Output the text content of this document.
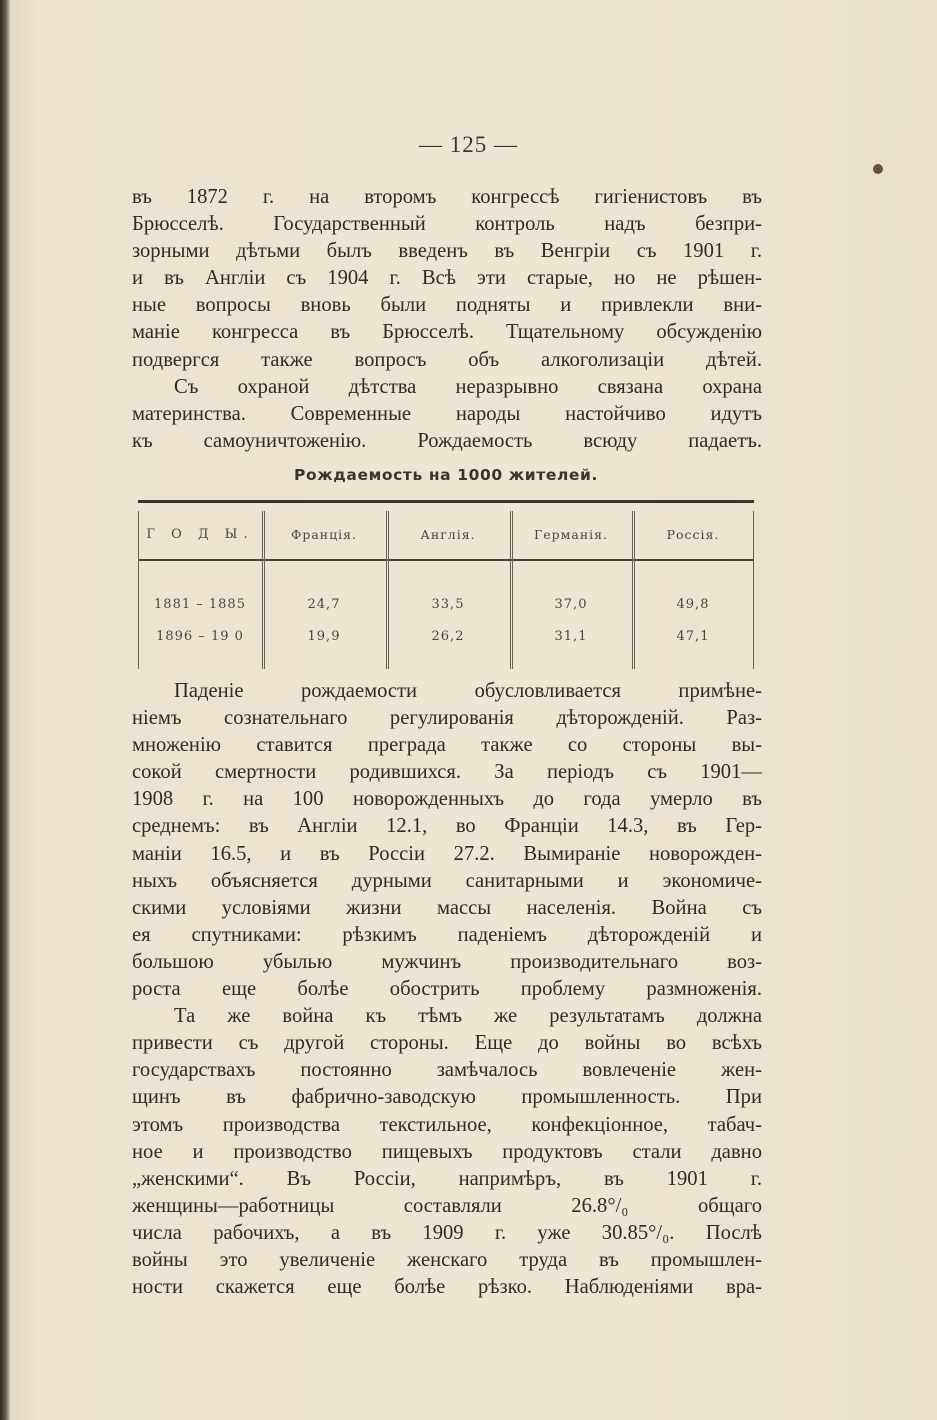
— 125 —
въ 1872 г. на второмъ конгрессѣ гигіенистовъ въ
Брюсселѣ. Государственный контроль надъ безпри-
зорными дѣтьми былъ введенъ въ Венгріи съ 1901 г.
и въ Англіи съ 1904 г. Всѣ эти старые, но не рѣшен-
ные вопросы вновь были подняты и привлекли вни-
маніе конгресса въ Брюсселѣ. Тщательному обсужденію
подвергся также вопросъ объ алкоголизаціи дѣтей.
Съ охраной дѣтства неразрывно связана охрана
материнства. Современные народы настойчиво идутъ
къ самоуничтоженію. Рождаемость всюду падаетъ.
Рождаемость на 1000 жителей.
Г О Д Ы.	Франція.	Англія.	Германія.	Россія.
1881 – 1885	24,7	33,5	37,0	49,8
1896 – 19 0	19,9	26,2	31,1	47,1
Паденіе рождаемости обусловливается примѣне-
ніемъ сознательнаго регулированія дѣторожденій. Раз-
множенію ставится преграда также со стороны вы-
сокой смертности родившихся. За періодъ съ 1901—
1908 г. на 100 новорожденныхъ до года умерло въ
среднемъ: въ Англіи 12.1, во Франціи 14.3, въ Гер-
маніи 16.5, и въ Россіи 27.2. Вымираніе новорожден-
ныхъ объясняется дурными санитарными и экономиче-
скими условіями жизни массы населенія. Война съ
ея спутниками: рѣзкимъ паденіемъ дѣторожденій и
большою убылью мужчинъ производительнаго воз-
роста еще болѣе обострить проблему размноженія.
Та же война къ тѣмъ же результатамъ должна
привести съ другой стороны. Еще до войны во всѣхъ
государствахъ постоянно замѣчалось вовлеченіе жен-
щинъ въ фабрично-заводскую промышленность. При
этомъ производства текстильное, конфекціонное, табач-
ное и производство пищевыхъ продуктовъ стали давно
„женскими“. Въ Россіи, напримѣръ, въ 1901 г.
женщины—работницы составляли 26.8°/₀ общаго
числа рабочихъ, а въ 1909 г. уже 30.85°/₀. Послѣ
войны это увеличеніе женскаго труда въ промышлен-
ности скажется еще болѣе рѣзко. Наблюденіями вра-
